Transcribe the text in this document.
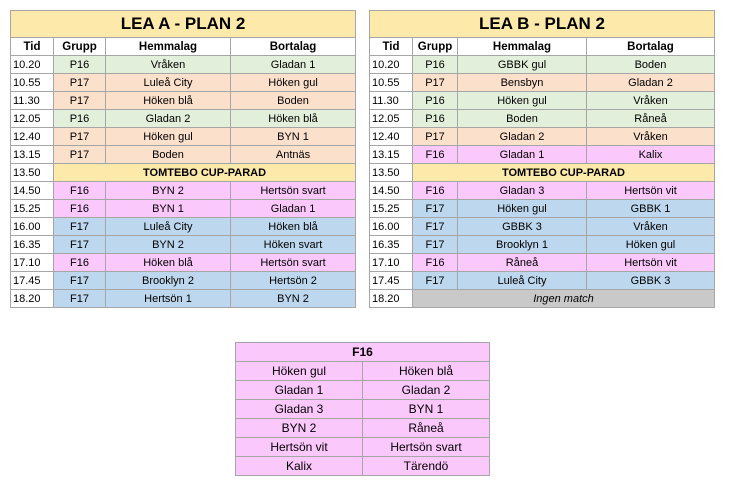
LEA A - PLAN 2			
Tid	Grupp	Hemmalag	Bortalag
10.20	P16	Vråken	Gladan 1
10.55	P17	Luleå City	Höken gul
11.30	P17	Höken blå	Boden
12.05	P16	Gladan 2	Höken blå
12.40	P17	Höken gul	BYN 1
13.15	P17	Boden	Antnäs
13.50	TOMTEBO CUP-PARAD		
14.50	F16	BYN 2	Hertsön svart
15.25	F16	BYN 1	Gladan 1
16.00	F17	Luleå City	Höken blå
16.35	F17	BYN 2	Höken svart
17.10	F16	Höken blå	Hertsön svart
17.45	F17	Brooklyn 2	Hertsön 2
18.20	F17	Hertsön 1	BYN 2
LEA B - PLAN 2			
Tid	Grupp	Hemmalag	Bortalag
10.20	P16	GBBK gul	Boden
10.55	P17	Bensbyn	Gladan 2
11.30	P16	Höken gul	Vråken
12.05	P16	Boden	Råneå
12.40	P17	Gladan 2	Vråken
13.15	F16	Gladan 1	Kalix
13.50	TOMTEBO CUP-PARAD		
14.50	F16	Gladan 3	Hertsön vit
15.25	F17	Höken gul	GBBK 1
16.00	F17	GBBK 3	Vråken
16.35	F17	Brooklyn 1	Höken gul
17.10	F16	Råneå	Hertsön vit
17.45	F17	Luleå City	GBBK 3
18.20	Ingen match		
F16	
Höken gul	Höken blå
Gladan 1	Gladan 2
Gladan 3	BYN 1
BYN 2	Råneå
Hertsön vit	Hertsön svart
Kalix	Tärendö
